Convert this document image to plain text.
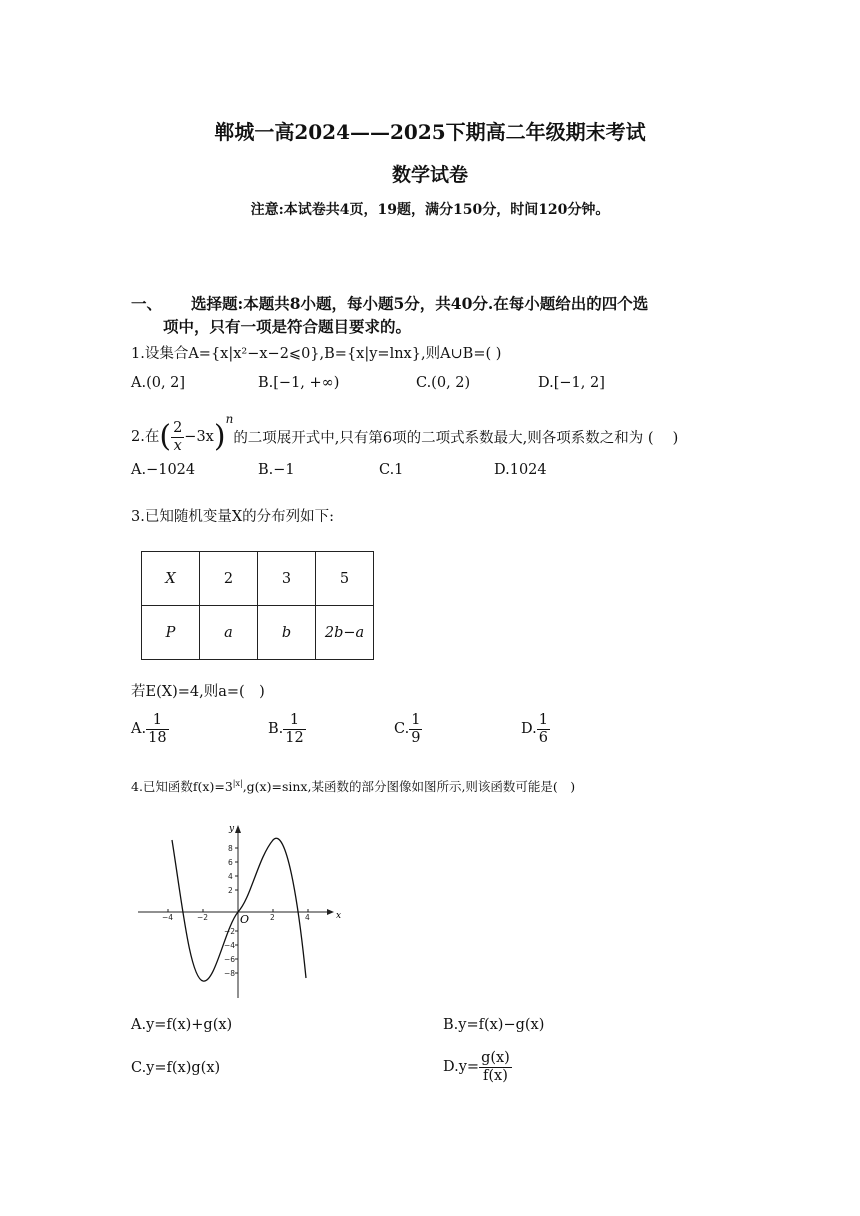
郸城一高2024——2025下期高二年级期末考试
数学试卷
注意:本试卷共4页，19题，满分150分，时间120分钟。
一、 选择题:本题共8小题，每小题5分，共40分.在每小题给出的四个选
项中，只有一项是符合题目要求的。
1.设集合A={x|x²−x−2⩽0},B={x|y=lnx},则A∪B=( )
A.(0, 2]	B.[−1, +∞)	C.(0, 2)	D.[−1, 2]
2.在( $\frac{2}{x} -3x)^n$的二项展开式中,只有第6项的二项式系数最大,则各项系数之和为 (　 )
A.−1024	B.−1	C.1	D.1024
3.已知随机变量X的分布列如下:
X	2	3	5
P	a	b	2b−a
若E(X)=4,则a=(　)
A. $\frac{1}{18}$	B. $\frac{1}{12}$	C. $\frac{1}{9}$	D. $\frac{1}{6}$
4.已知函数$f(x)=3^{|x|},g(x)=\sin x$,某函数的部分图像如图所示,则该函数可能是(　)
x
y
O
−4	−2	2	4
8
6
4
2
−2
−4
−6
−8
A.y=f(x)+g(x)	B.y=f(x)−g(x)
C.y=f(x)g(x)	$D.y= \frac{g(x)}{f(x)}$
